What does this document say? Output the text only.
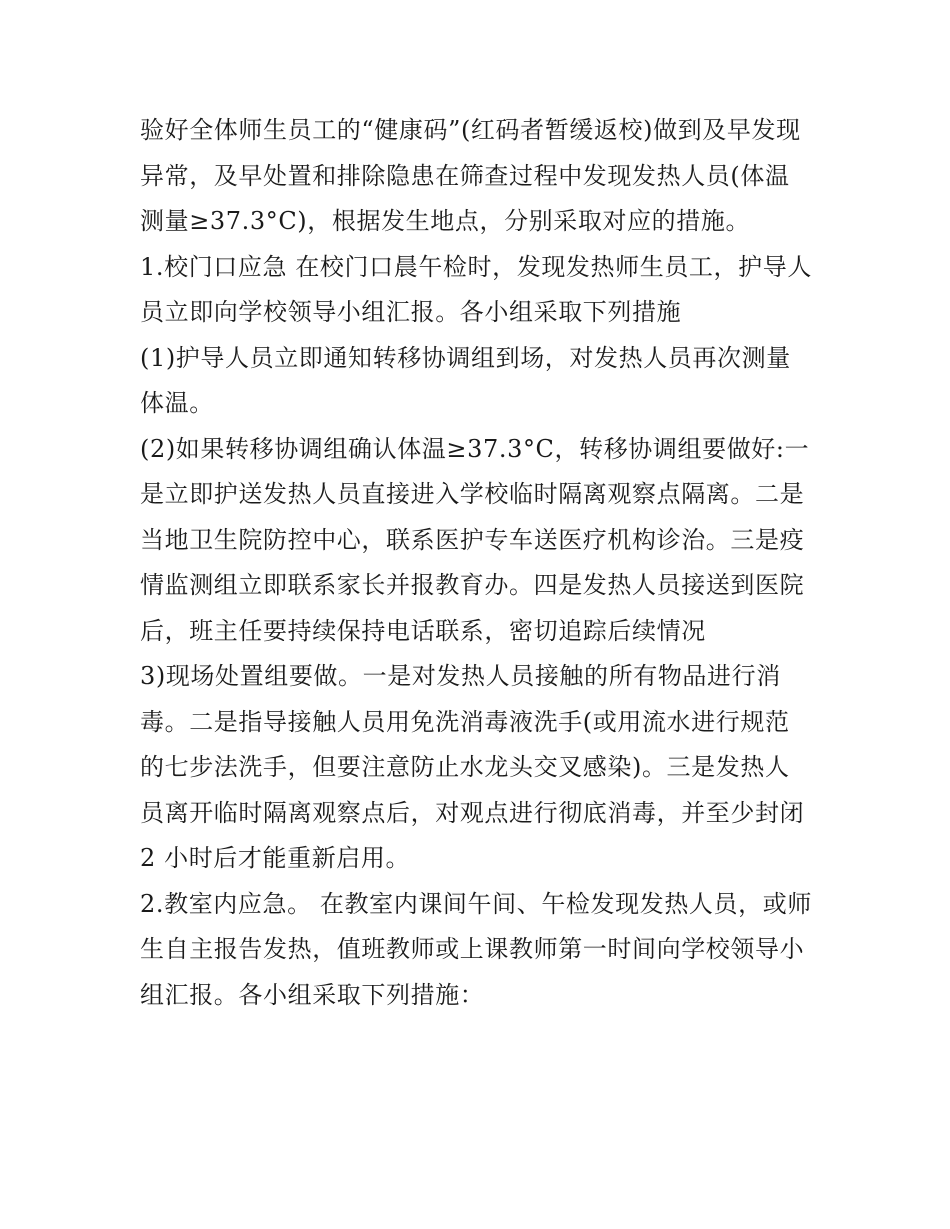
验好全体师生员工的“健康码”(红码者暂缓返校)做到及早发现
异常，及早处置和排除隐患在筛查过程中发现发热人员(体温
测量≥37.3°C)，根据发生地点，分别采取对应的措施。
1.校门口应急 在校门口晨午检时，发现发热师生员工，护导人
员立即向学校领导小组汇报。各小组采取下列措施
(1)护导人员立即通知转移协调组到场，对发热人员再次测量
体温。
(2)如果转移协调组确认体温≥37.3°C，转移协调组要做好:一
是立即护送发热人员直接进入学校临时隔离观察点隔离。二是
当地卫生院防控中心，联系医护专车送医疗机构诊治。三是疫
情监测组立即联系家长并报教育办。四是发热人员接送到医院
后，班主任要持续保持电话联系，密切追踪后续情况
3)现场处置组要做。一是对发热人员接触的所有物品进行消
毒。二是指导接触人员用免洗消毒液洗手(或用流水进行规范
的七步法洗手，但要注意防止水龙头交叉感染)。三是发热人
员离开临时隔离观察点后，对观点进行彻底消毒，并至少封闭
2 小时后才能重新启用。
2.教室内应急。 在教室内课间午间、午检发现发热人员，或师
生自主报告发热，值班教师或上课教师第一时间向学校领导小
组汇报。各小组采取下列措施：
